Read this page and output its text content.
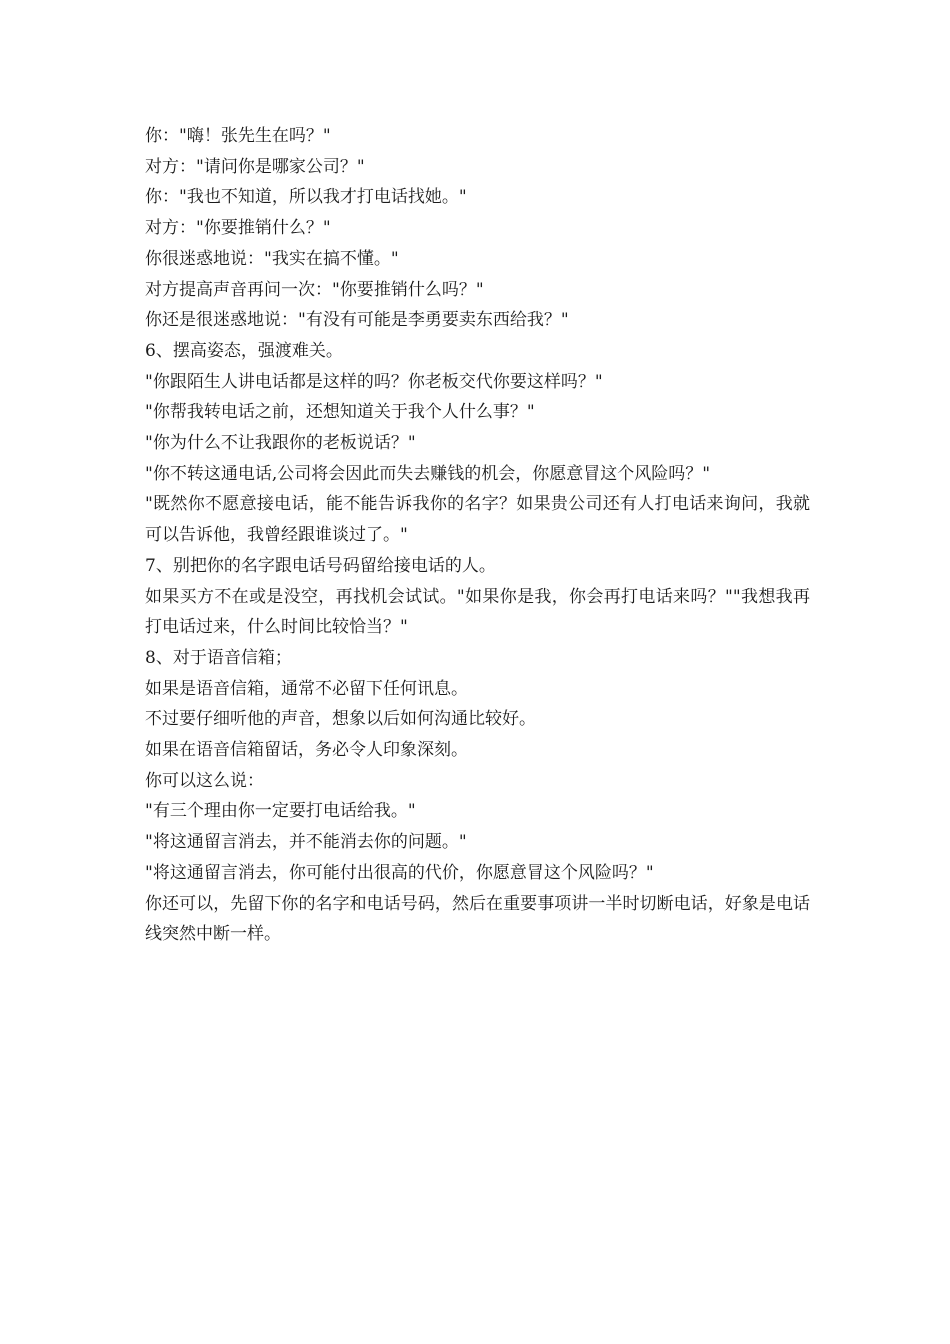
你："嗨！张先生在吗？"

对方："请问你是哪家公司？"

你："我也不知道，所以我才打电话找她。"

对方："你要推销什么？"

你很迷惑地说："我实在搞不懂。"

对方提高声音再问一次："你要推销什么吗？"

你还是很迷惑地说："有没有可能是李勇要卖东西给我？"

6、摆高姿态，强渡难关。

"你跟陌生人讲电话都是这样的吗？你老板交代你要这样吗？"

"你帮我转电话之前，还想知道关于我个人什么事？"

"你为什么不让我跟你的老板说话？"

"你不转这通电话,公司将会因此而失去赚钱的机会，你愿意冒这个风险吗？"

"既然你不愿意接电话，能不能告诉我你的名字？如果贵公司还有人打电话来询问，我就可以告诉他，我曾经跟谁谈过了。"

7、别把你的名字跟电话号码留给接电话的人。

如果买方不在或是没空，再找机会试试。"如果你是我，你会再打电话来吗？""我想我再打电话过来，什么时间比较恰当？"

8、对于语音信箱；

如果是语音信箱，通常不必留下任何讯息。

不过要仔细听他的声音，想象以后如何沟通比较好。

如果在语音信箱留话，务必令人印象深刻。

你可以这么说：

"有三个理由你一定要打电话给我。"

"将这通留言消去，并不能消去你的问题。"

"将这通留言消去，你可能付出很高的代价，你愿意冒这个风险吗？"

你还可以，先留下你的名字和电话号码，然后在重要事项讲一半时切断电话，好象是电话线突然中断一样。
